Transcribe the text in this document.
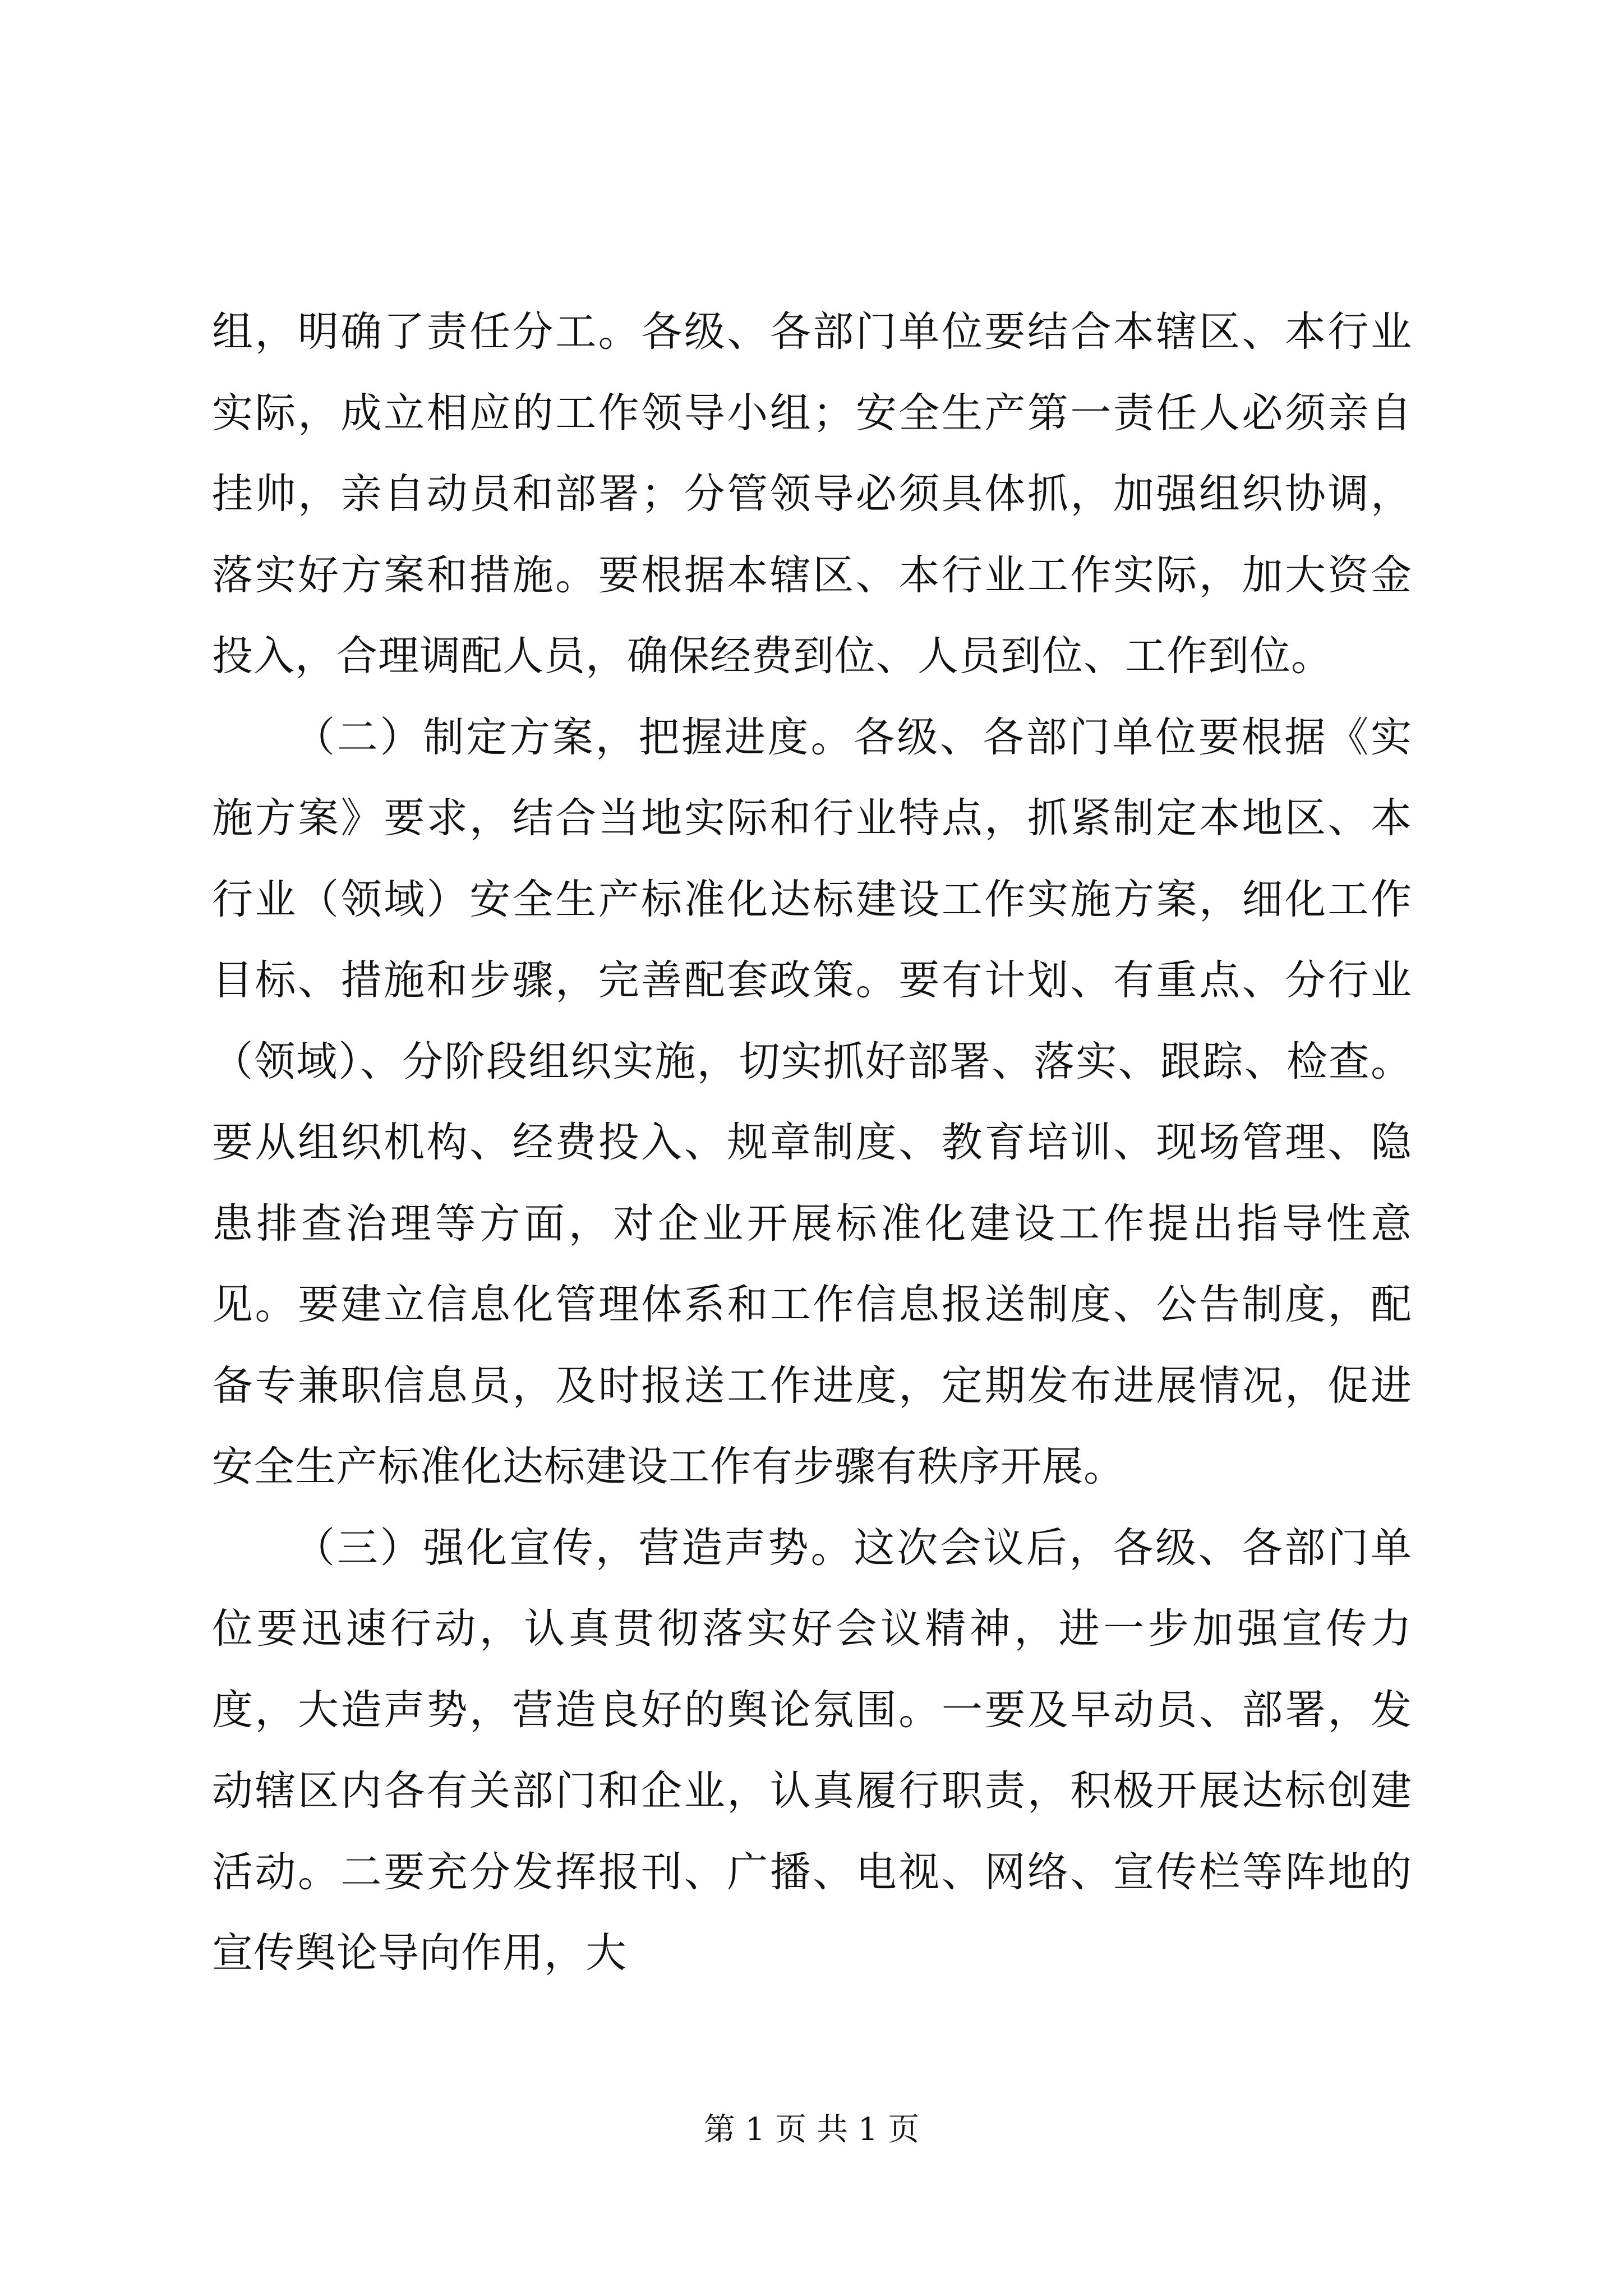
组，明确了责任分工。各级、各部门单位要结合本辖区、本行业实际，成立相应的工作领导小组；安全生产第一责任人必须亲自挂帅，亲自动员和部署；分管领导必须具体抓，加强组织协调，落实好方案和措施。要根据本辖区、本行业工作实际，加大资金投入，合理调配人员，确保经费到位、人员到位、工作到位。

（二）制定方案，把握进度。各级、各部门单位要根据《实施方案》要求，结合当地实际和行业特点，抓紧制定本地区、本行业（领域）安全生产标准化达标建设工作实施方案，细化工作目标、措施和步骤，完善配套政策。要有计划、有重点、分行业（领域）、分阶段组织实施，切实抓好部署、落实、跟踪、检查。要从组织机构、经费投入、规章制度、教育培训、现场管理、隐患排查治理等方面，对企业开展标准化建设工作提出指导性意见。要建立信息化管理体系和工作信息报送制度、公告制度，配备专兼职信息员，及时报送工作进度，定期发布进展情况，促进安全生产标准化达标建设工作有步骤有秩序开展。

（三）强化宣传，营造声势。这次会议后，各级、各部门单位要迅速行动，认真贯彻落实好会议精神，进一步加强宣传力度，大造声势，营造良好的舆论氛围。一要及早动员、部署，发动辖区内各有关部门和企业，认真履行职责，积极开展达标创建活动。二要充分发挥报刊、广播、电视、网络、宣传栏等阵地的宣传舆论导向作用，大

第 1 页 共 1 页
